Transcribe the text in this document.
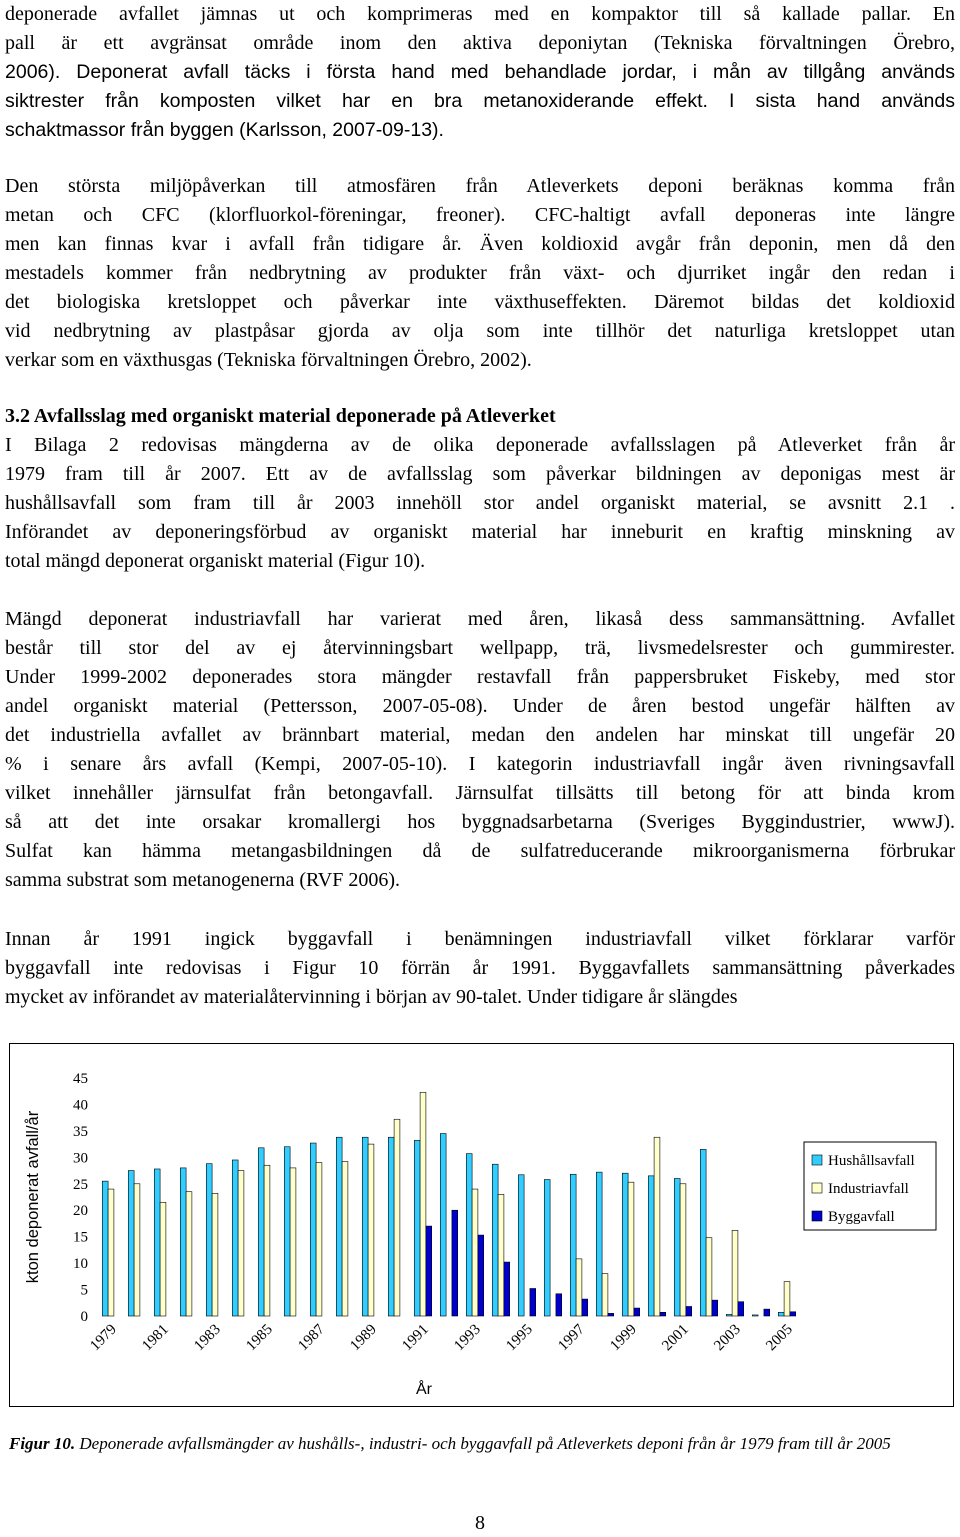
deponerade avfallet jämnas ut och komprimeras med en kompaktor till så kallade pallar. En
pall är ett avgränsat område inom den aktiva deponiytan (Tekniska förvaltningen Örebro,
2006). Deponerat avfall täcks i första hand med behandlade jordar, i mån av tillgång används
siktrester från komposten vilket har en bra metanoxiderande effekt. I sista hand används
schaktmassor från byggen (Karlsson, 2007-09-13).
Den största miljöpåverkan till atmosfären från Atleverkets deponi beräknas komma från
metan och CFC (klorfluorkol-föreningar, freoner). CFC-haltigt avfall deponeras inte längre
men kan finnas kvar i avfall från tidigare år. Även koldioxid avgår från deponin, men då den
mestadels kommer från nedbrytning av produkter från växt- och djurriket ingår den redan i
det biologiska kretsloppet och påverkar inte växthuseffekten. Däremot bildas det koldioxid
vid nedbrytning av plastpåsar gjorda av olja som inte tillhör det naturliga kretsloppet utan
verkar som en växthusgas (Tekniska förvaltningen Örebro, 2002).
3.2 Avfallsslag med organiskt material deponerade på Atleverket
I Bilaga 2 redovisas mängderna av de olika deponerade avfallsslagen på Atleverket från år
1979 fram till år 2007. Ett av de avfallsslag som påverkar bildningen av deponigas mest är
hushållsavfall som fram till år 2003 innehöll stor andel organiskt material, se avsnitt 2.1 .
Införandet av deponeringsförbud av organiskt material har inneburit en kraftig minskning av
total mängd deponerat organiskt material (Figur 10).
Mängd deponerat industriavfall har varierat med åren, likaså dess sammansättning. Avfallet
består till stor del av ej återvinningsbart wellpapp, trä, livsmedelsrester och gummirester.
Under 1999-2002 deponerades stora mängder restavfall från pappersbruket Fiskeby, med stor
andel organiskt material (Pettersson, 2007-05-08). Under de åren bestod ungefär hälften av
det industriella avfallet av brännbart material, medan den andelen har minskat till ungefär 20
% i senare års avfall (Kempi, 2007-05-10). I kategorin industriavfall ingår även rivningsavfall
vilket innehåller järnsulfat från betongavfall. Järnsulfat tillsätts till betong för att binda krom
så att det inte orsakar kromallergi hos byggnadsarbetarna (Sveriges Byggindustrier, wwwJ).
Sulfat kan hämma metangasbildningen då de sulfatreducerande mikroorganismerna förbrukar
samma substrat som metanogenerna (RVF 2006).
Innan år 1991 ingick byggavfall i benämningen industriavfall vilket förklarar varför
byggavfall inte redovisas i Figur 10 förrän år 1991. Byggavfallets sammansättning påverkades
mycket av införandet av materialåtervinning i början av 90-talet. Under tidigare år slängdes
0
5
10
15
20
25
30
35
40
45
kton deponerat avfall/år
1979 1981 1983 1985 1987 1989 1991 1993 1995 1997 1999 2001 2003 2005
År
Hushållsavfall
Industriavfall
Byggavfall
Figur 10. Deponerade avfallsmängder av hushålls-, industri- och byggavfall på Atleverkets deponi från år 1979 fram till år 2005
8
